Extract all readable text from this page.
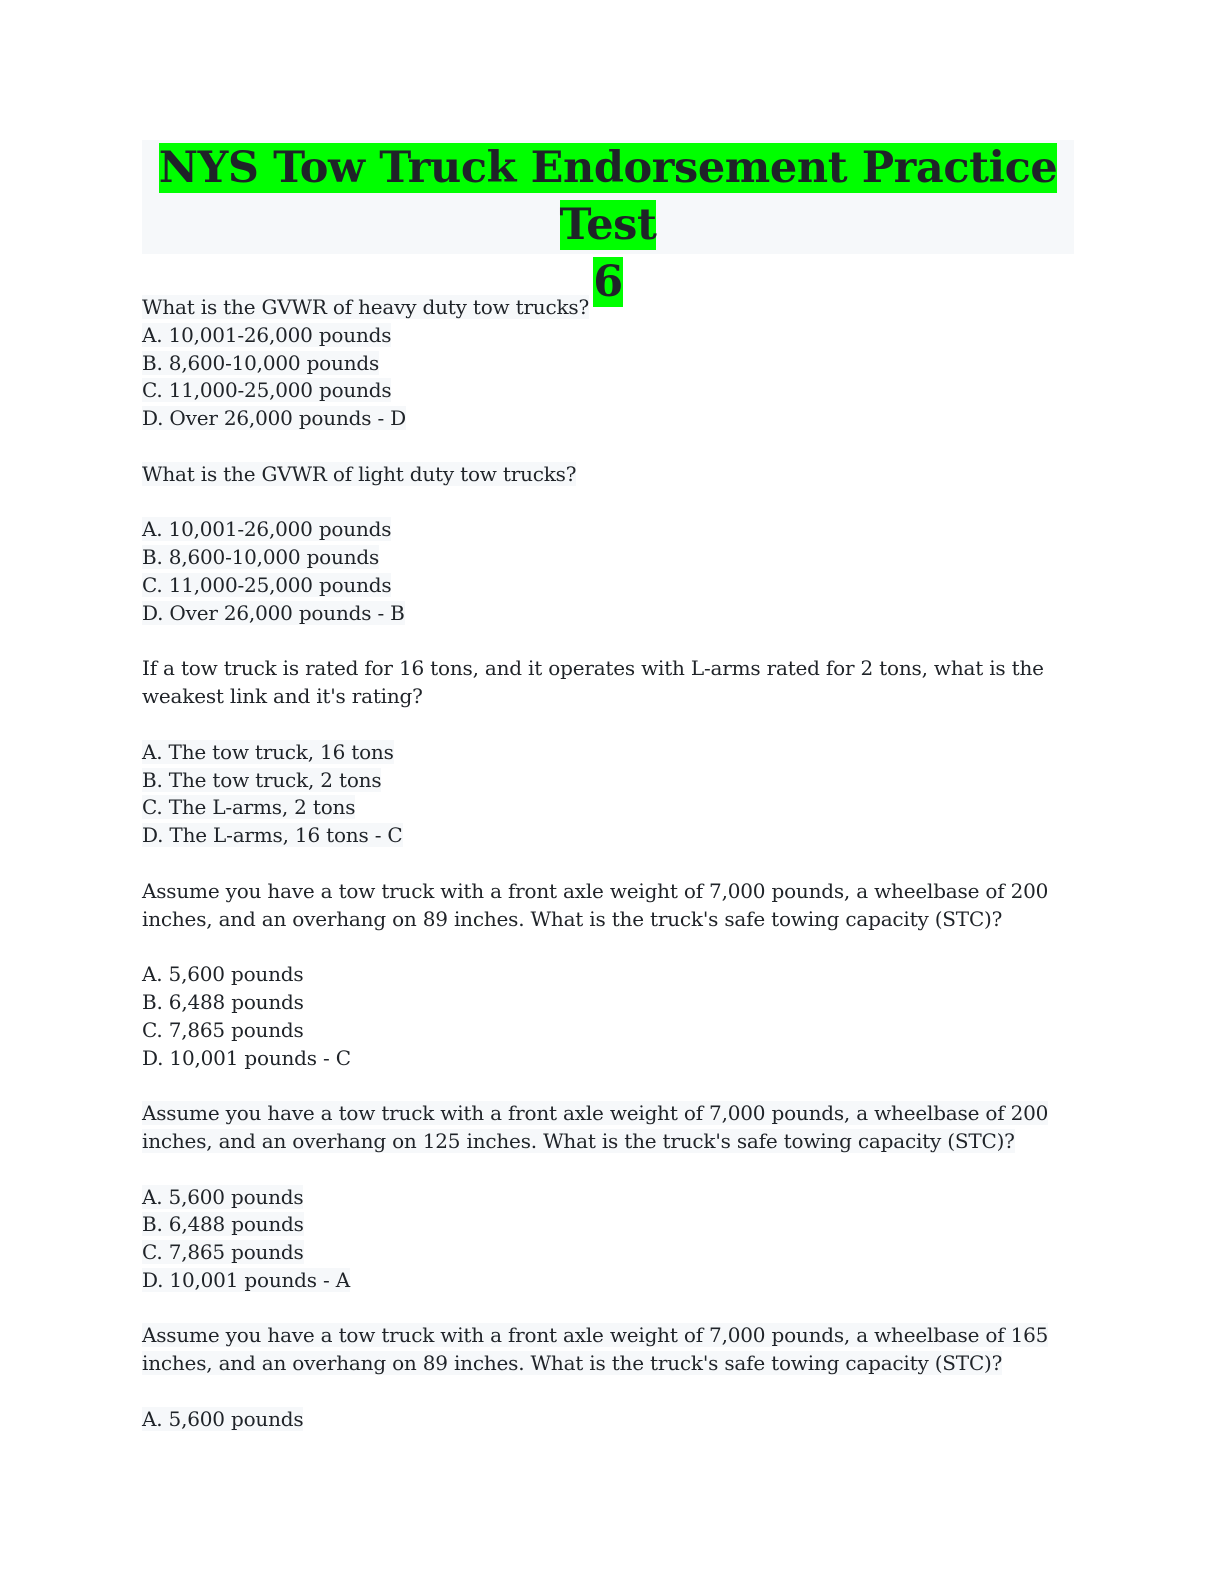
NYS Tow Truck Endorsement Practice Test
6
What is the GVWR of heavy duty tow trucks?
A. 10,001-26,000 pounds
B. 8,600-10,000 pounds
C. 11,000-25,000 pounds
D. Over 26,000 pounds - D
What is the GVWR of light duty tow trucks?
A. 10,001-26,000 pounds
B. 8,600-10,000 pounds
C. 11,000-25,000 pounds
D. Over 26,000 pounds - B
If a tow truck is rated for 16 tons, and it operates with L-arms rated for 2 tons, what is the
weakest link and it's rating?
A. The tow truck, 16 tons
B. The tow truck, 2 tons
C. The L-arms, 2 tons
D. The L-arms, 16 tons - C
Assume you have a tow truck with a front axle weight of 7,000 pounds, a wheelbase of 200
inches, and an overhang on 89 inches. What is the truck's safe towing capacity (STC)?
A. 5,600 pounds
B. 6,488 pounds
C. 7,865 pounds
D. 10,001 pounds - C
Assume you have a tow truck with a front axle weight of 7,000 pounds, a wheelbase of 200
inches, and an overhang on 125 inches. What is the truck's safe towing capacity (STC)?
A. 5,600 pounds
B. 6,488 pounds
C. 7,865 pounds
D. 10,001 pounds - A
Assume you have a tow truck with a front axle weight of 7,000 pounds, a wheelbase of 165
inches, and an overhang on 89 inches. What is the truck's safe towing capacity (STC)?
A. 5,600 pounds
